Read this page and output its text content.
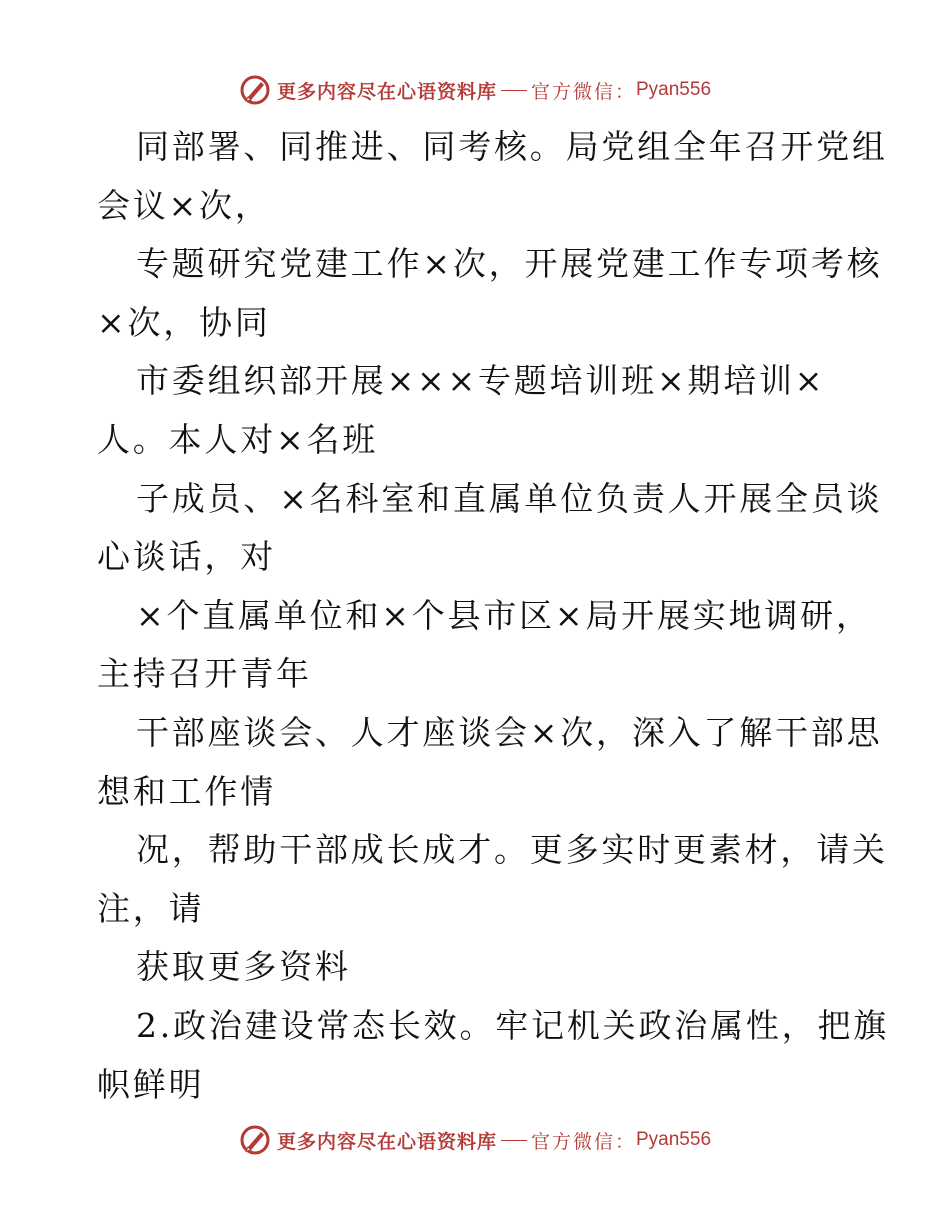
更多内容尽在心语资料库 官方微信： Pyan556
同部署、同推进、同考核。局党组全年召开党组
会议×次，
专题研究党建工作×次，开展党建工作专项考核
×次，协同
市委组织部开展×××专题培训班×期培训×
人。本人对×名班
子成员、×名科室和直属单位负责人开展全员谈
心谈话，对
×个直属单位和×个县市区×局开展实地调研，
主持召开青年
干部座谈会、人才座谈会×次，深入了解干部思
想和工作情
况，帮助干部成长成才。更多实时更素材，请关
注，请
获取更多资料
2.政治建设常态长效。牢记机关政治属性，把旗
帜鲜明
更多内容尽在心语资料库 官方微信： Pyan556
